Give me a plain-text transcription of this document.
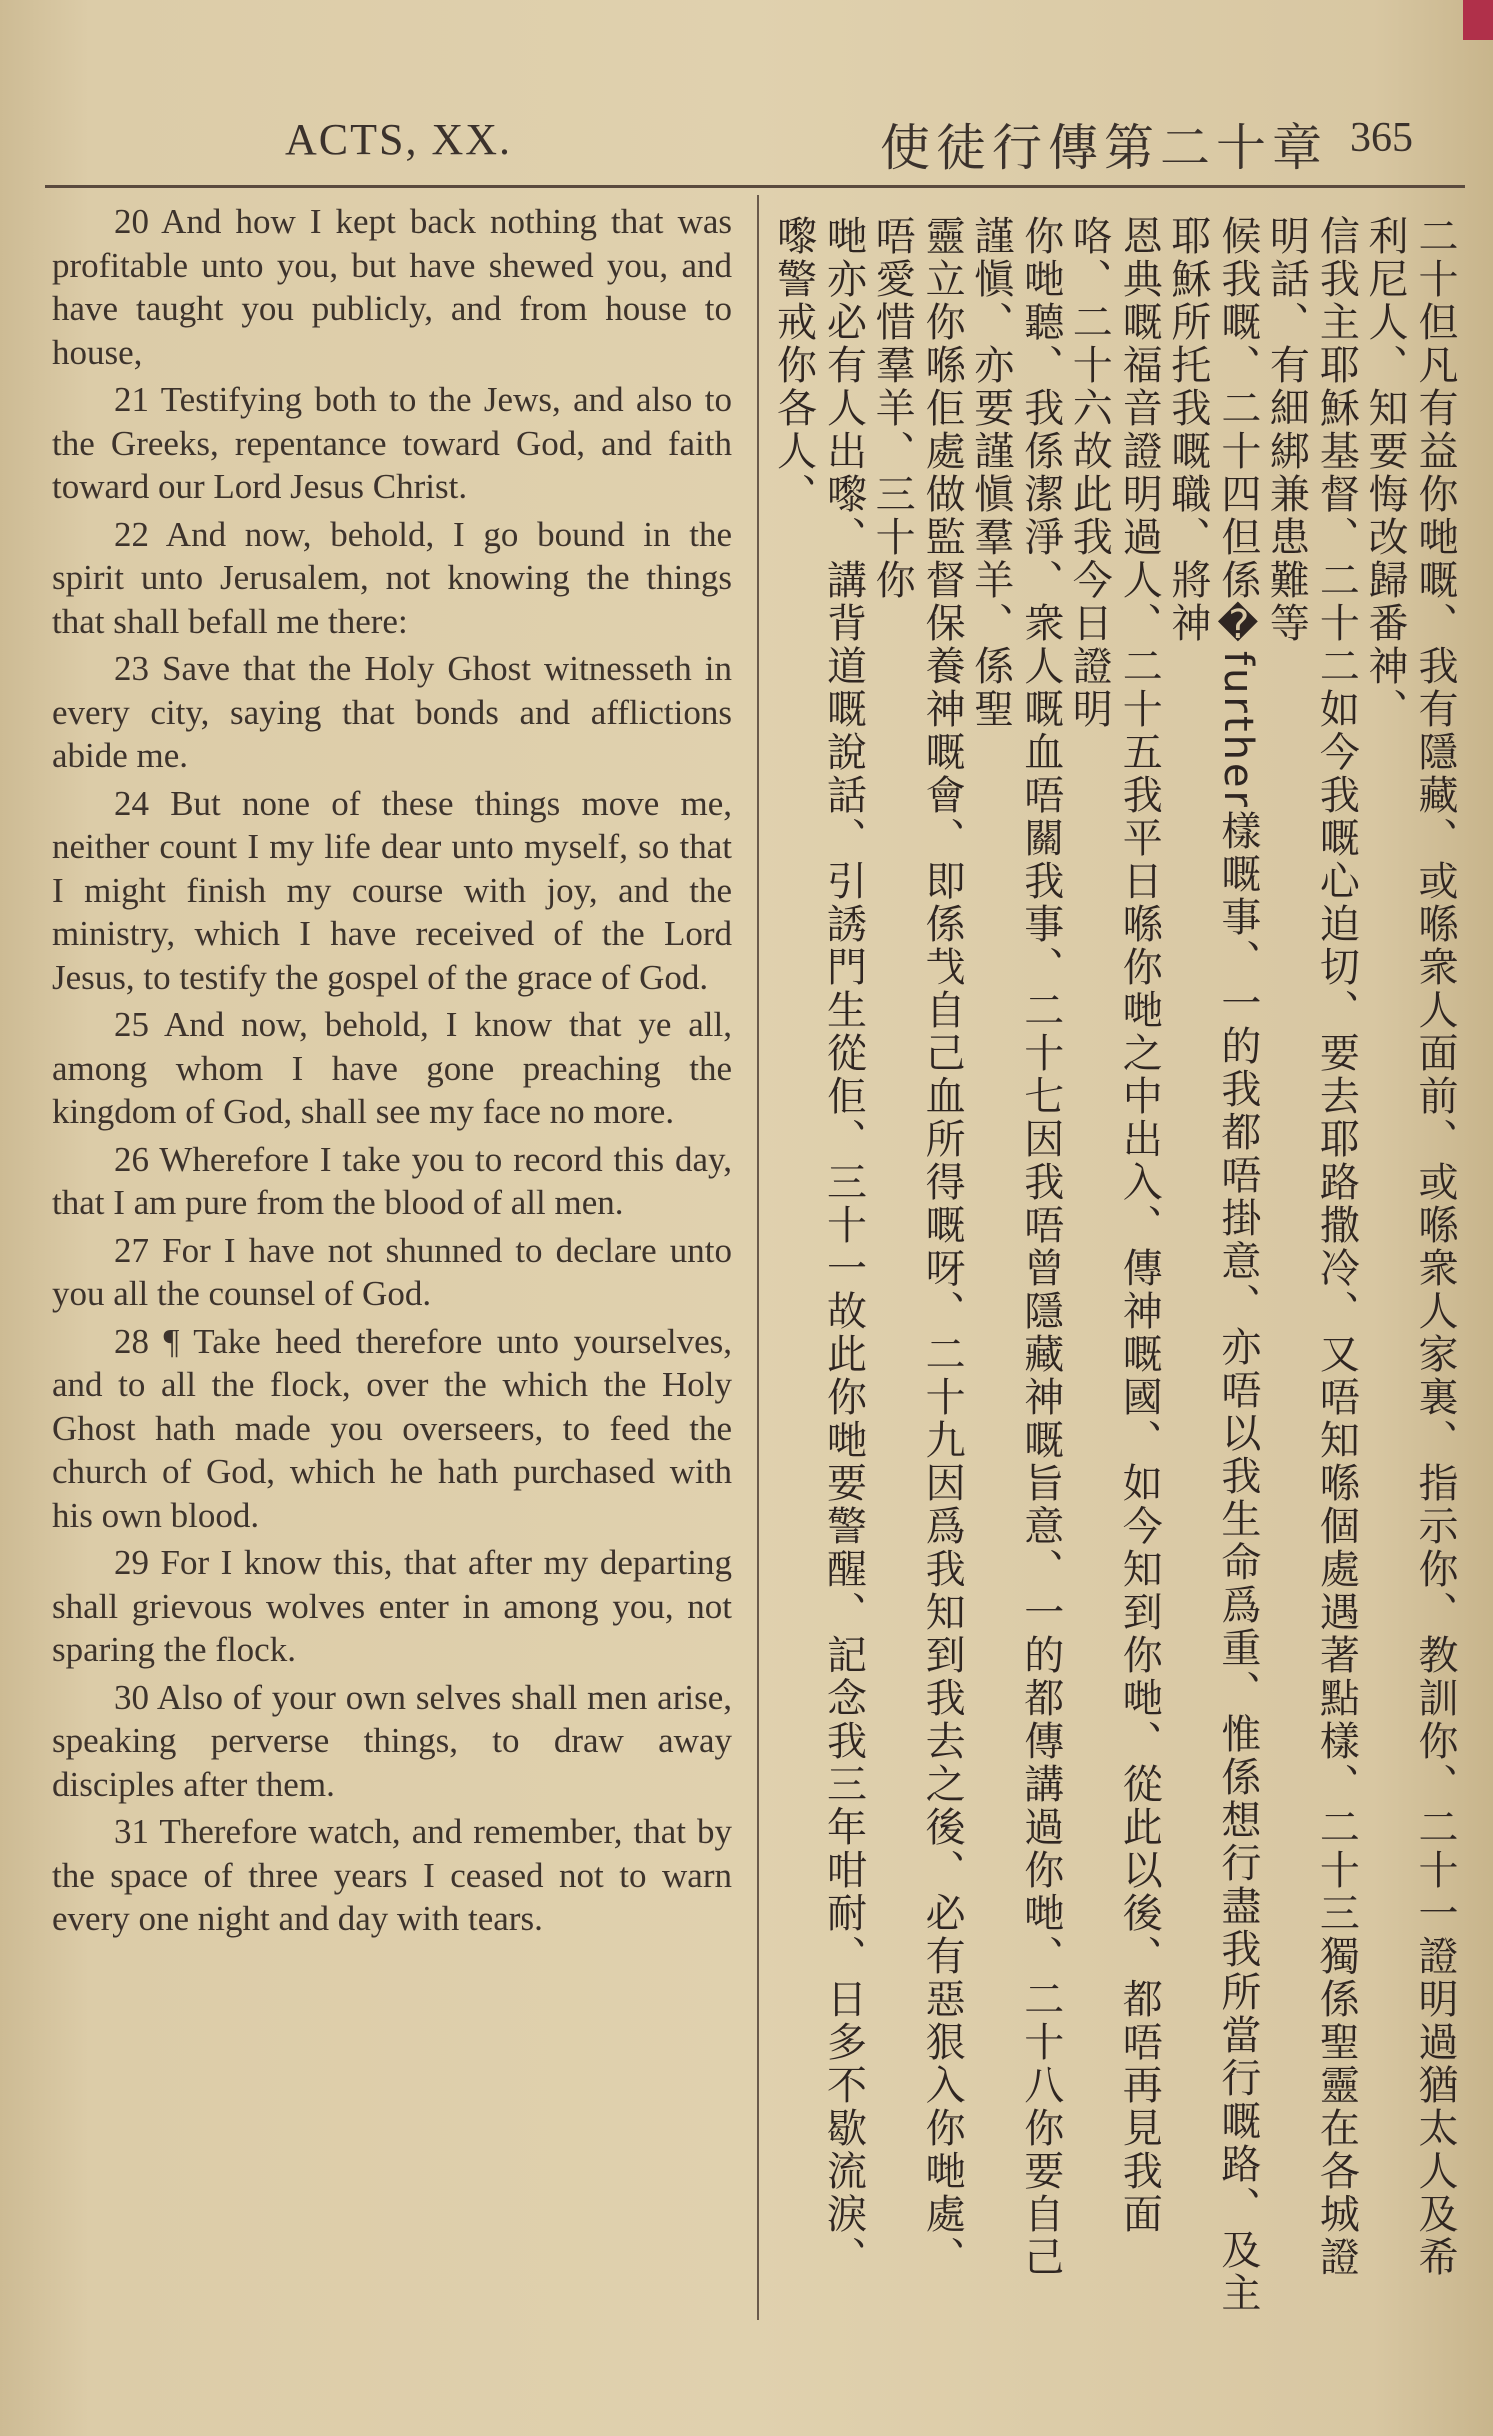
ACTS, XX.	使徒行傳第二十章 365

20 And how I kept back nothing that was profitable unto you, but have shewed you, and have taught you publicly, and from house to house,

21 Testifying both to the Jews, and also to the Greeks, repentance toward God, and faith toward our Lord Jesus Christ.

22 And now, behold, I go bound in the spirit unto Jerusalem, not knowing the things that shall befall me there:

23 Save that the Holy Ghost witnesseth in every city, saying that bonds and afflictions abide me.

24 But none of these things move me, neither count I my life dear unto myself, so that I might finish my course with joy, and the ministry, which I have received of the Lord Jesus, to testify the gospel of the grace of God.

25 And now, behold, I know that ye all, among whom I have gone preaching the kingdom of God, shall see my face no more.

26 Wherefore I take you to record this day, that I am pure from the blood of all men.

27 For I have not shunned to declare unto you all the counsel of God.

28 ¶ Take heed therefore unto yourselves, and to all the flock, over the which the Holy Ghost hath made you overseers, to feed the church of God, which he hath purchased with his own blood.

29 For I know this, that after my departing shall grievous wolves enter in among you, not sparing the flock.

30 Also of your own selves shall men arise, speaking perverse things, to draw away disciples after them.

31 Therefore watch, and remember, that by the space of three years I ceased not to warn every one night and day with tears.	二十但凡有益你哋嘅、我有隱藏、或喺衆人面前、或喺衆人家裏、指示你、教訓你、二十一證明過猶太人及希利尼人、知要悔改歸番神、
信我主耶穌基督、二十二如今我嘅心迫切、要去耶路撒冷、又唔知喺個處遇著點樣、二十三獨係聖靈在各城證明話、有細綁兼患難等
候我嘅、二十四但係�further樣嘅事、一的我都唔掛意、亦唔以我生命爲重、惟係想行盡我所當行嘅路、及主耶穌所托我嘅職、將神
恩典嘅福音證明過人、二十五我平日喺你哋之中出入、傳神嘅國、如今知到你哋、從此以後、都唔再見我面咯、二十六故此我今日證明
你哋聽、我係潔淨、衆人嘅血唔關我事、二十七因我唔曾隱藏神嘅旨意、一的都傳講過你哋、二十八你要自己謹愼、亦要謹愼羣羊、係聖
靈立你喺佢處做監督保養神嘅會、即係𢦏自己血所得嘅呀、二十九因爲我知到我去之後、必有惡狠入你哋處、唔愛惜羣羊、三十你
哋亦必有人出嚟、講背道嘅說話、引誘門生從佢、三十一故此你哋要警醒、記念我三年咁耐、日多不歇流淚、嚟警戒你各人、
